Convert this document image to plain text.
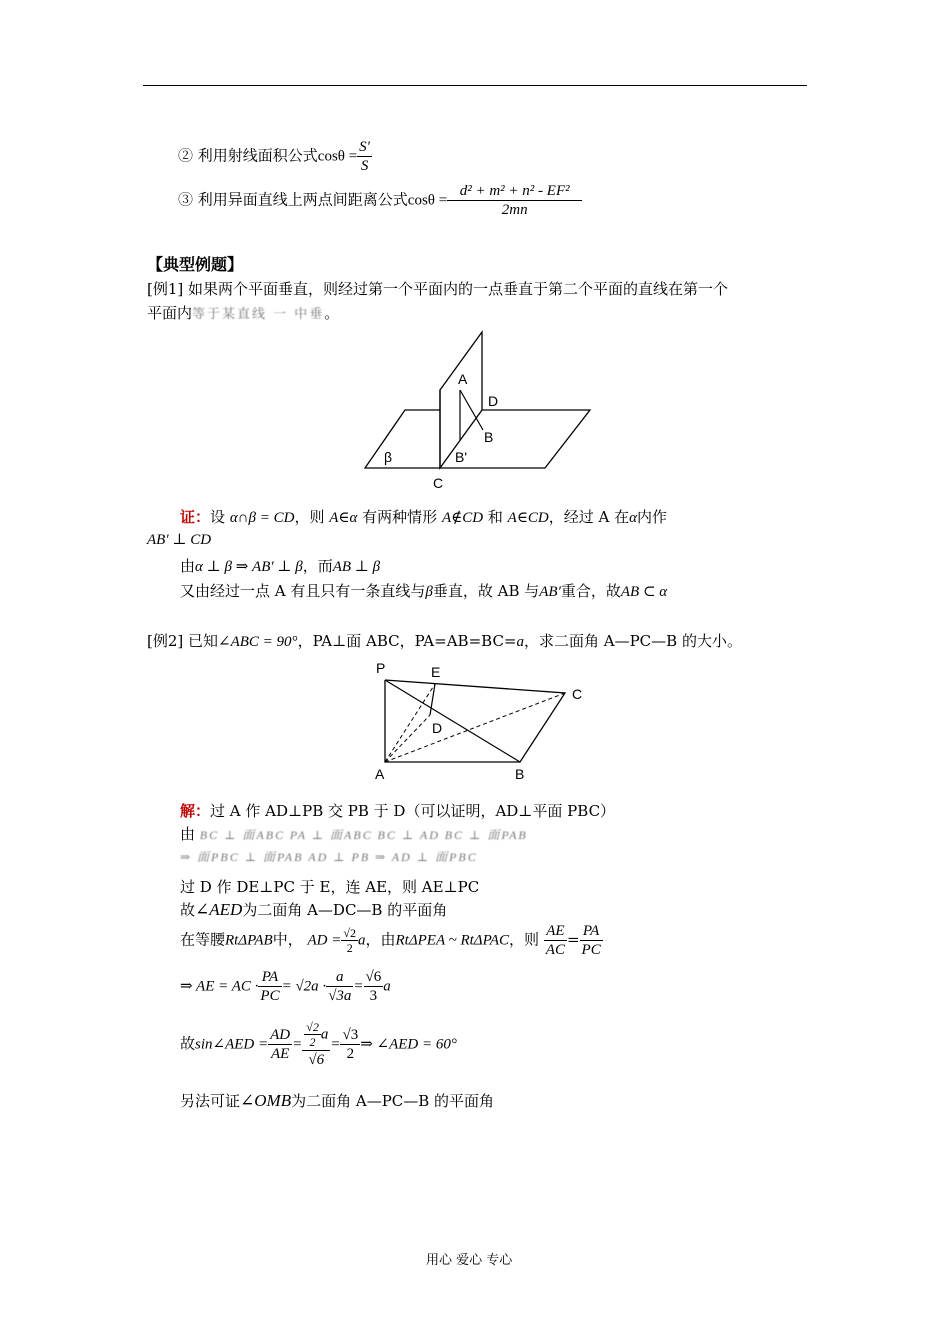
② 利用射线面积公式$\cos\theta = \frac{S'}{S}$
③ 利用异面直线上两点间距离公式$\cos\theta = \frac{\text{d² + m² + n² - EF²}}{2mn}$
【典型例题】
[例1] 如果两个平面垂直，则经过第一个平面内的一点垂直于第二个平面的直线在第一个
平面内等于某直线 一 中垂。
A
D
B
β	B'
C
证：设 α∩β = CD，则 A∈α 有两种情形 A∉CD 和 A∈CD，经过 A 在α内作
AB′ ⊥ CD
由α ⊥ β ⇒ AB′ ⊥ β，而AB ⊥ β
又由经过一点 A 有且只有一条直线与β垂直，故 AB 与AB′重合，故AB ⊂ α
[例2] 已知∠ABC = 90°，PA⊥面 ABC，PA=AB=BC=a，求二面角 A—PC—B 的大小。
P	E
C
D
A	B
解：过 A 作 AD⊥PB 交 PB 于 D（可以证明，AD⊥平面 PBC）
由 BC ⊥ 面ABC PA ⊥ 面ABC BC ⊥ AD BC ⊥ 面PAB
⇒ 面PBC ⊥ 面PAB AD ⊥ PB ⇒ AD ⊥ 面PBC
过 D 作 DE⊥PC 于 E，连 AE，则 AE⊥PC
故∠AED为二面角 A—DC—B 的平面角
在等腰RtΔPAB中， AD = $\frac{√2}{2}$ a，由RtΔPEA ~ RtΔPAC，则 $\frac{AE}{AC} = \frac{PA}{PC}$
⇒ AE = AC · $\frac{PA}{PC} = √2a \cdot \frac{a}{√3a} = \frac{√6}{3}$ a
故sin∠AED = $\frac{AD}{AE} = \frac{\frac{√2}{2} a}{√6} = \frac{√3}{2}$ ⇒ ∠AED = 60°
另法可证∠OMB为二面角 A—PC—B 的平面角
用心 爱心 专心
